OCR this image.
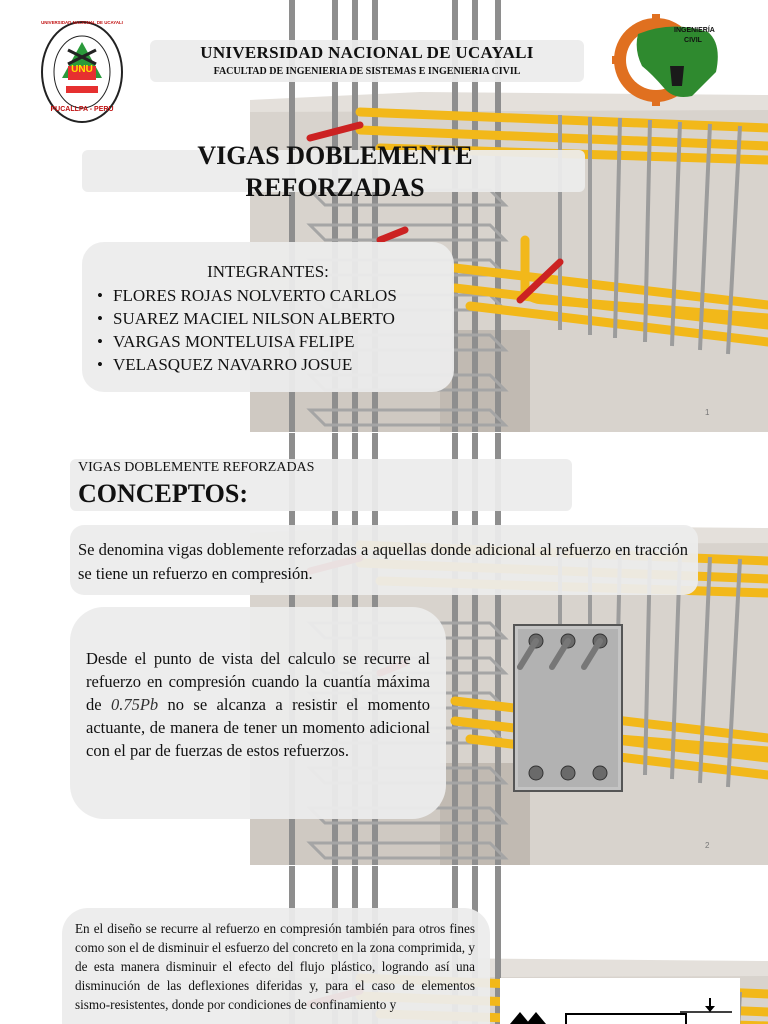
UNU
UNIVERSIDAD NACIONAL DE UCAYALI
PUCALLPA - PERU
INGENIERÍA CIVIL
UNIVERSIDAD NACIONAL DE UCAYALI
FACULTAD DE INGENIERIA DE SISTEMAS E INGENIERIA CIVIL
VIGAS DOBLEMENTE REFORZADAS
INTEGRANTES:
• FLORES ROJAS NOLVERTO CARLOS
• SUAREZ MACIEL NILSON ALBERTO
• VARGAS MONTELUISA FELIPE
• VELASQUEZ NAVARRO JOSUE
1
VIGAS DOBLEMENTE REFORZADAS
CONCEPTOS:
Se denomina vigas doblemente reforzadas a aquellas donde adicional al refuerzo en tracción se tiene un refuerzo en compresión.
Desde el punto de vista del calculo se recurre al refuerzo en compresión cuando la cuantía máxima de 0.75Pb no se alcanza a resistir el momento actuante, de manera de tener un momento adicional con el par de fuerzas de estos refuerzos.
2
En el diseño se recurre al refuerzo en compresión también para otros fines como son el de disminuir el esfuerzo del concreto en la zona comprimida, y de esta manera disminuir el efecto del flujo plástico, logrando así una disminución de las deflexiones diferidas y, para el caso de elementos sismo-resistentes, donde por condiciones de confinamiento y
